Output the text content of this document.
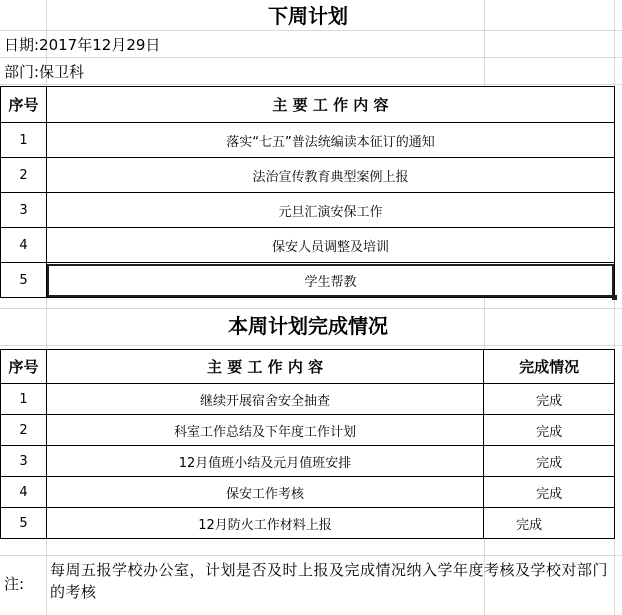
下周计划
日期:2017年12月29日
部门:保卫科
序号	主 要 工 作 内 容
1	落实“七五”普法统编读本征订的通知
2	法治宣传教育典型案例上报
3	元旦汇演安保工作
4	保安人员调整及培训
5	学生帮教
本周计划完成情况
序号	主 要 工 作 内 容	完成情况
1	继续开展宿舍安全抽查	完成
2	科室工作总结及下年度工作计划	完成
3	12月值班小结及元月值班安排	完成
4	保安工作考核	完成
5	12月防火工作材料上报	完成
注:
每周五报学校办公室，计划是否及时上报及完成情况纳入学年度考核及学校对部门的考核
